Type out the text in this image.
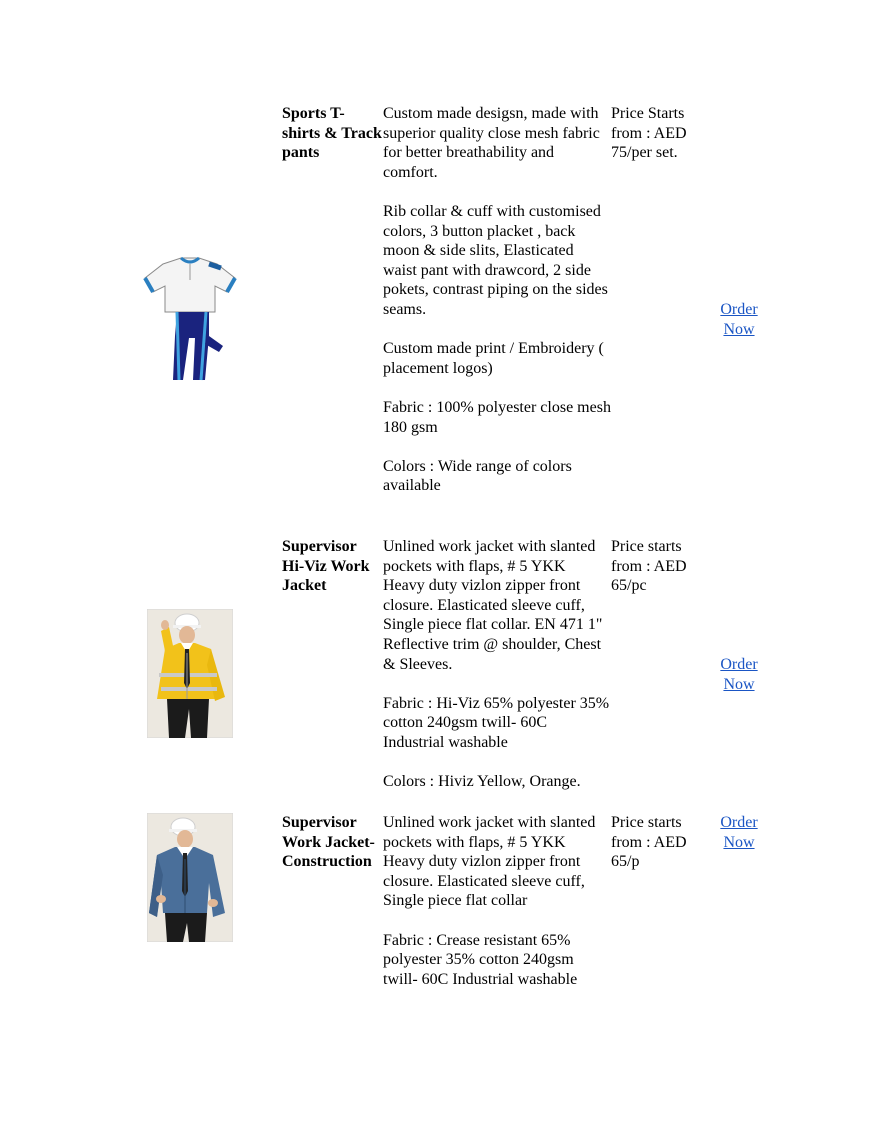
Sports T-shirts & Track pants

Custom made desigsn, made with superior quality close mesh fabric for better breathability and comfort.

Rib collar & cuff with customised colors, 3 button placket , back moon & side slits, Elasticated waist pant with drawcord, 2 side pokets, contrast piping on the sides seams.

Custom made print / Embroidery ( placement logos)

Fabric : 100% polyester close mesh 180 gsm

Colors : Wide range of colors available

Price Starts from : AED 75/per set.
Order
Now
Supervisor Hi-Viz Work Jacket

Unlined work jacket with slanted pockets with flaps, # 5 YKK Heavy duty vizlon zipper front closure. Elasticated sleeve cuff, Single piece flat collar. EN 471 1" Reflective trim @ shoulder, Chest & Sleeves.

Fabric : Hi-Viz 65% polyester 35% cotton 240gsm twill- 60C Industrial washable

Colors : Hiviz Yellow, Orange.

Price starts from : AED 65/pc
Order
Now
Supervisor Work Jacket-Construction

Unlined work jacket with slanted pockets with flaps, # 5 YKK Heavy duty vizlon zipper front closure. Elasticated sleeve cuff, Single piece flat collar

Fabric : Crease resistant 65% polyester 35% cotton 240gsm twill- 60C Industrial washable

Price starts from : AED 65/p
Order
Now
